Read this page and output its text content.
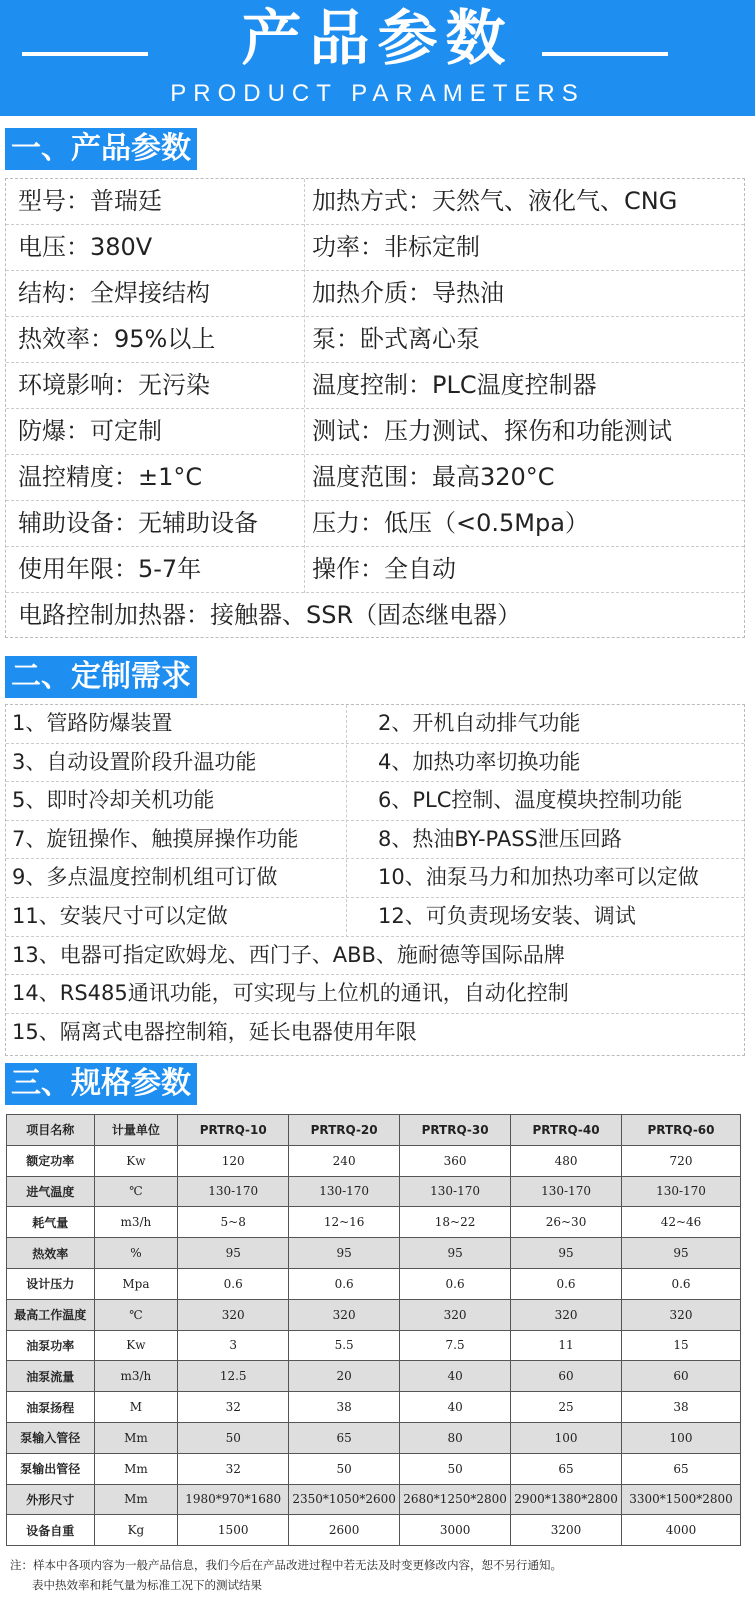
产品参数
PRODUCT PARAMETERS
一、产品参数
型号：普瑞廷	加热方式：天然气、液化气、CNG
电压：380V	功率：非标定制
结构：全焊接结构	加热介质：导热油
热效率：95%以上	泵：卧式离心泵
环境影响：无污染	温度控制：PLC温度控制器
防爆：可定制	测试：压力测试、探伤和功能测试
温控精度：±1°C	温度范围：最高320°C
辅助设备：无辅助设备 压力：低压（<0.5Mpa）
使用年限：5-7年	操作：全自动
电路控制加热器：接触器、SSR（固态继电器）
二、定制需求
1、管路防爆装置	2、开机自动排气功能
3、自动设置阶段升温功能	4、加热功率切换功能
5、即时冷却关机功能	6、PLC控制、温度模块控制功能
7、旋钮操作、触摸屏操作功能	8、热油BY-PASS泄压回路
9、多点温度控制机组可订做	10、油泵马力和加热功率可以定做
11、安装尺寸可以定做	12、可负责现场安装、调试
13、电器可指定欧姆龙、西门子、ABB、施耐德等国际品牌
14、RS485通讯功能，可实现与上位机的通讯，自动化控制
15、隔离式电器控制箱，延长电器使用年限
三、规格参数
项目名称	计量单位	PRTRQ-10	PRTRQ-20	PRTRQ-30	PRTRQ-40	PRTRQ-60
额定功率	Kw	120	240	360	480	720
进气温度	℃	130-170	130-170	130-170	130-170	130-170
耗气量	m3/h	5~8	12~16	18~22	26~30	42~46
热效率	%	95	95	95	95	95
设计压力	Mpa	0.6	0.6	0.6	0.6	0.6
最高工作温度	℃	320	320	320	320	320
油泵功率	Kw	3	5.5	7.5	11	15
油泵流量	m3/h	12.5	20	40	60	60
油泵扬程	M	32	38	40	25	38
泵输入管径	Mm	50	65	80	100	100
泵输出管径	Mm	32	50	50	65	65
外形尺寸	Mm	1980*970*1680	2350*1050*2600	2680*1250*2800	2900*1380*2800	3300*1500*2800
设备自重	Kg	1500	2600	3000	3200	4000
注：样本中各项内容为一般产品信息，我们今后在产品改进过程中若无法及时变更修改内容，恕不另行通知。
表中热效率和耗气量为标准工况下的测试结果
